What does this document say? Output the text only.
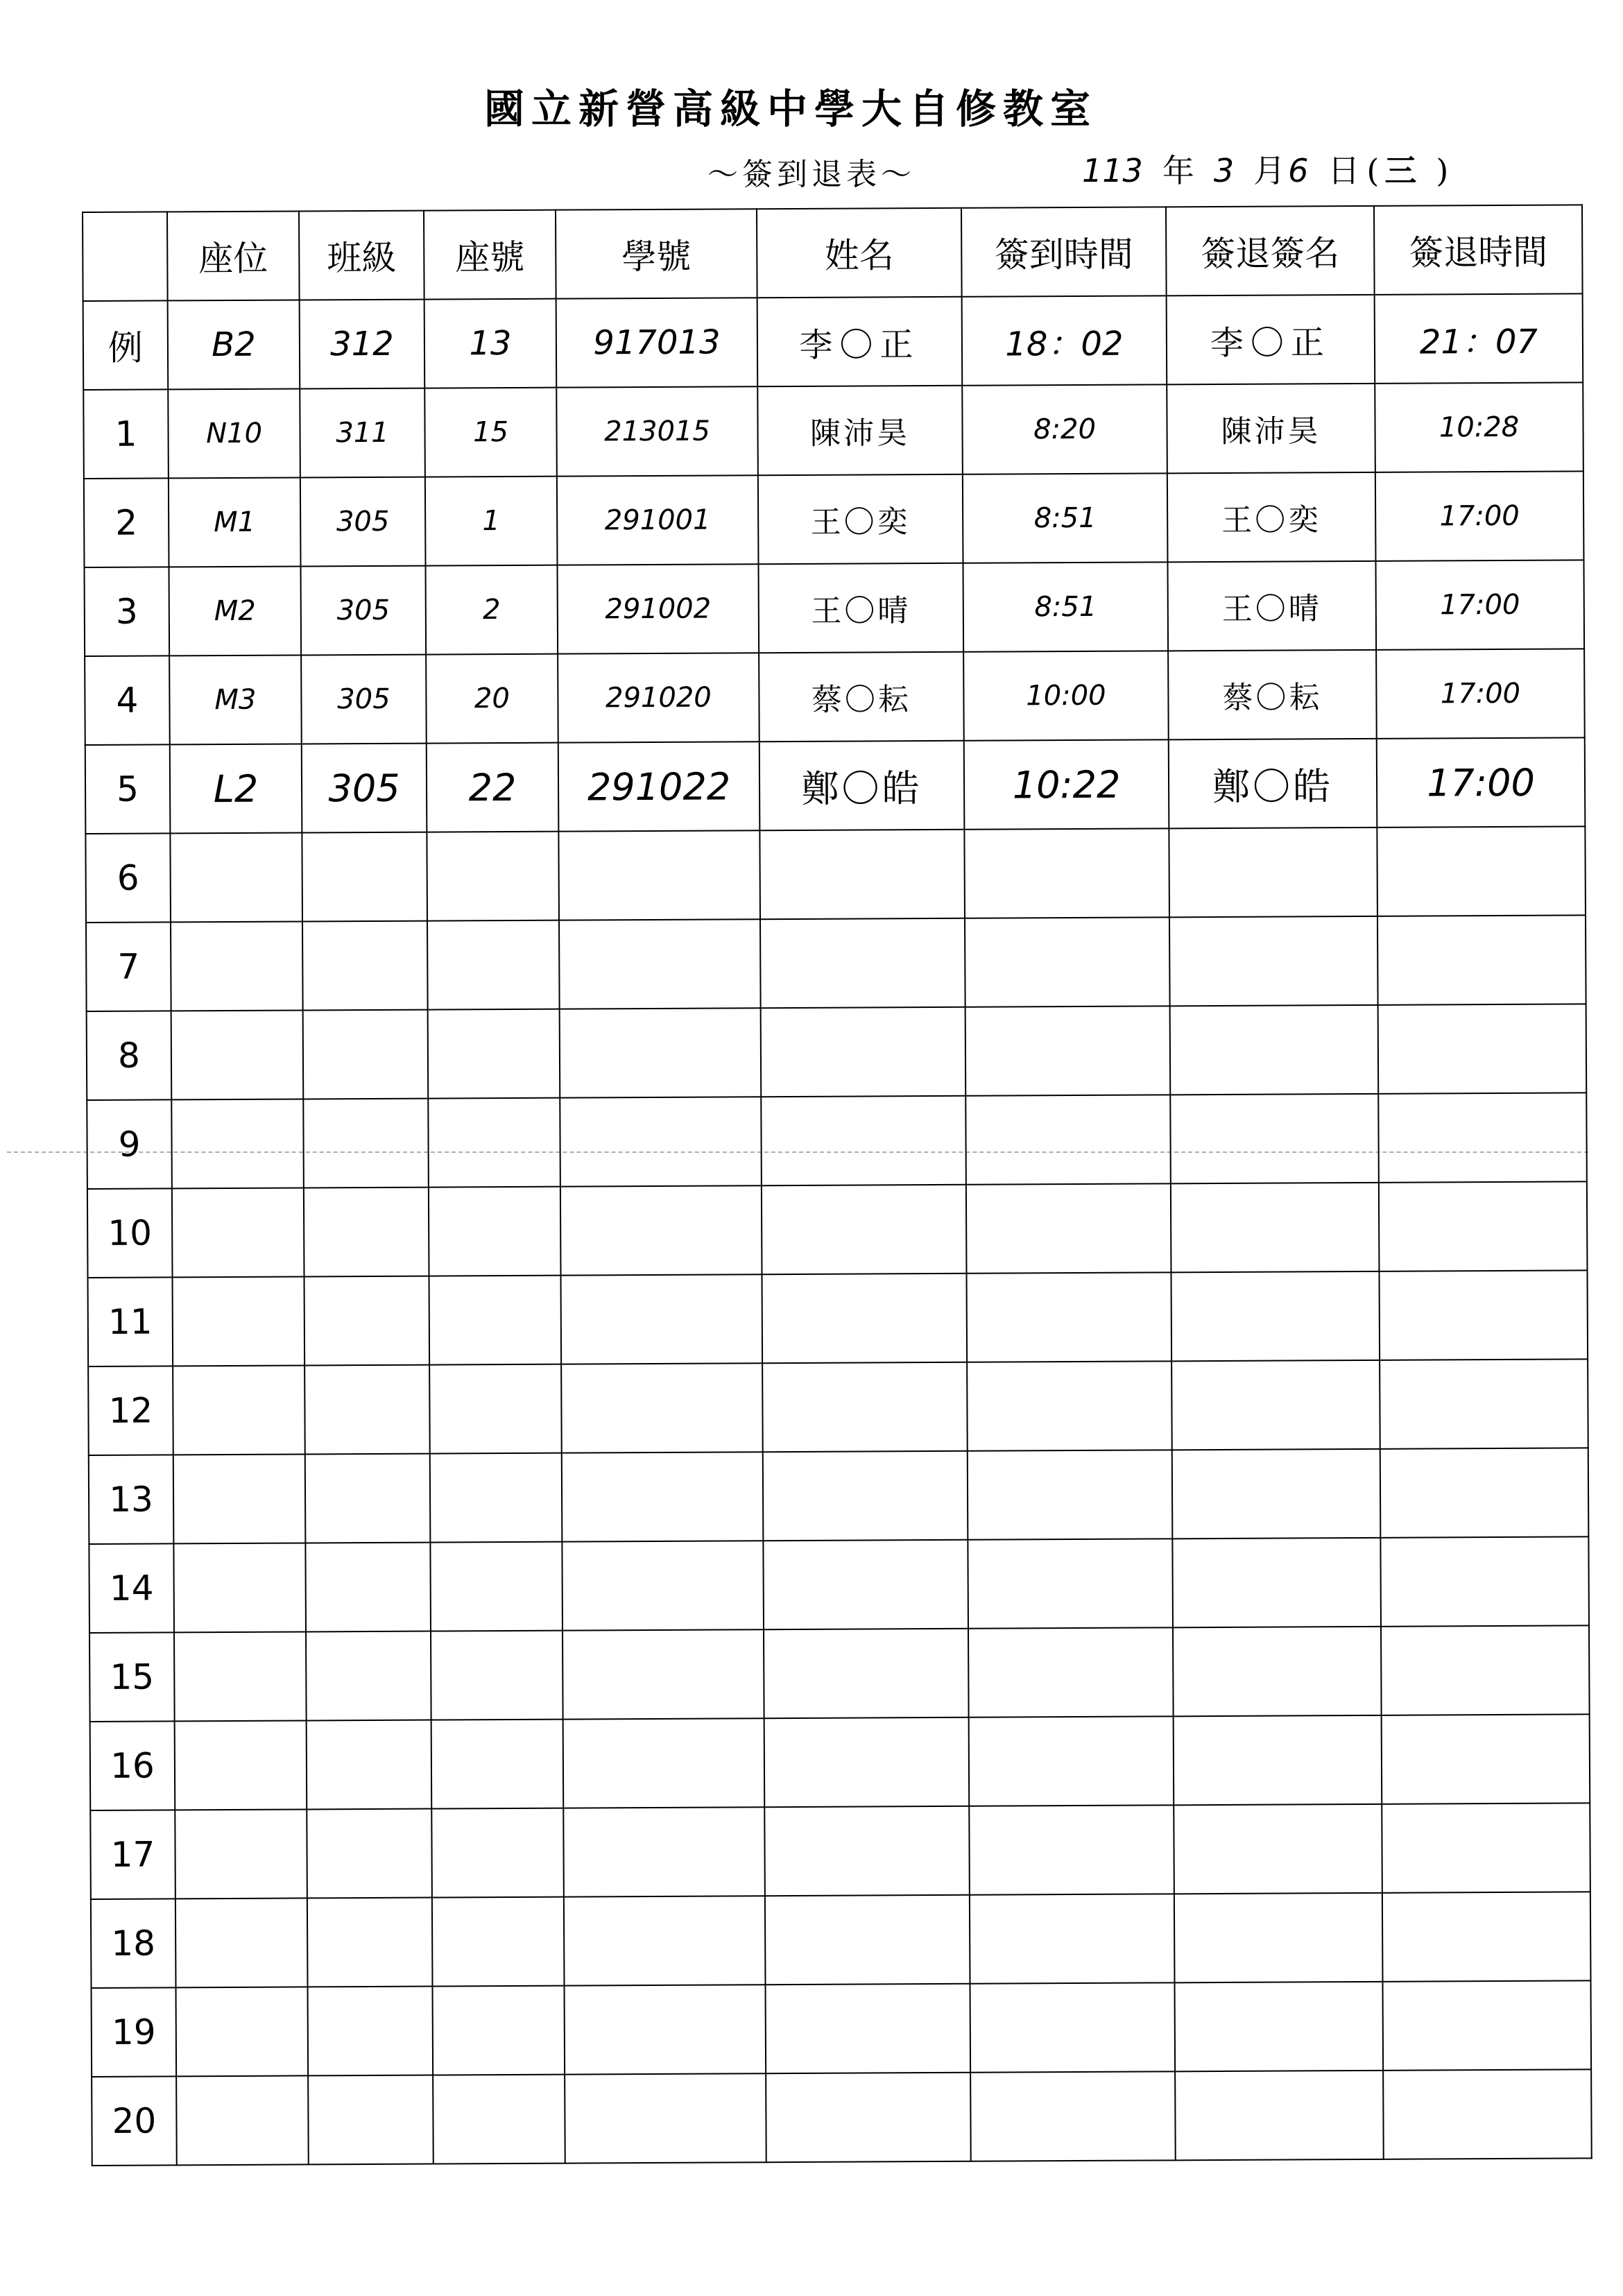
國立新營高級中學大自修教室
～簽到退表～	113 年 3 月 6 日 ( 三 )
	座位	班級	座號	學號	姓名	簽到時間	簽退簽名	簽退時間
例	B2	312	13	917013	李〇正	18：02	李〇正	21：07
1	N10	311	15	213015	陳沛昊	8:20	陳沛昊	10:28
2	M1	305	1	291001	王〇奕	8:51	王〇奕	17:00
3	M2	305	2	291002	王〇晴	8:51	王〇晴	17:00
4	M3	305	20	291020	蔡〇耘	10:00	蔡〇耘	17:00
5	L2	305	22	291022	鄭〇皓	10:22	鄭〇皓	17:00
6								
7								
8								
9								
10								
11								
12								
13								
14								
15								
16								
17								
18								
19								
20								
